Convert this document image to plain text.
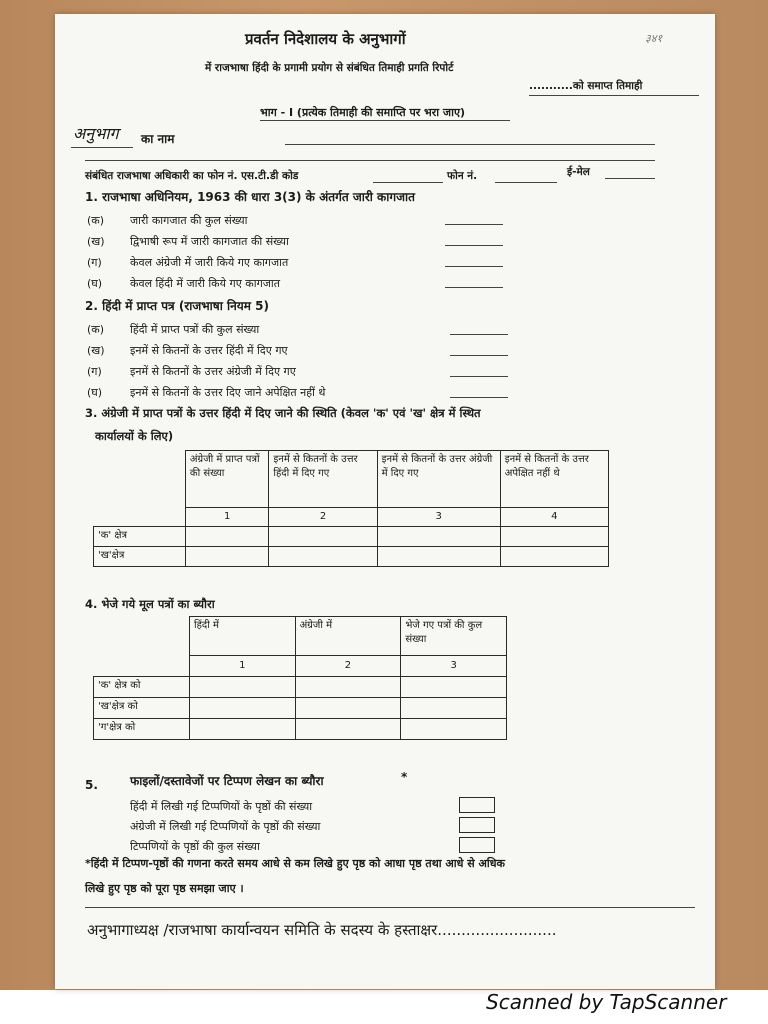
प्रवर्तन निदेशालय के अनुभागों	३४१
में राजभाषा हिंदी के प्रगामी प्रयोग से संबंधित तिमाही प्रगति रिपोर्ट
...........को समाप्त तिमाही
भाग - I (प्रत्येक तिमाही की समाप्ति पर भरा जाए)
अनुभाग का नाम
संबंधित राजभाषा अधिकारी का फोन नं. एस.टी.डी कोड	फोन नं.	ई-मेल
1. राजभाषा अधिनियम, 1963 की धारा 3(3) के अंतर्गत जारी कागजात
(क) जारी कागजात की कुल संख्या
(ख) द्विभाषी रूप में जारी कागजात की संख्या
(ग)	केवल अंग्रेजी में जारी किये गए कागजात
(घ)	केवल हिंदी में जारी किये गए कागजात
2. हिंदी में प्राप्त पत्र (राजभाषा नियम 5)
(क) हिंदी में प्राप्त पत्रों की कुल संख्या
(ख) इनमें से कितनों के उत्तर हिंदी में दिए गए
(ग)	इनमें से कितनों के उत्तर अंग्रेजी में दिए गए
(घ)	इनमें से कितनों के उत्तर दिए जाने अपेक्षित नहीं थे
3. अंग्रेजी में प्राप्त पत्रों के उत्तर हिंदी में दिए जाने की स्थिति (केवल 'क' एवं 'ख' क्षेत्र में स्थित
कार्यालयों के लिए)
	अंग्रेजी में प्राप्त पत्रों की संख्या	इनमें से कितनों के उत्तर हिंदी में दिए गए	इनमें से कितनों के उत्तर अंग्रेजी में दिए गए	इनमें से कितनों के उत्तर अपेक्षित नहीं थे
	1	2	3	4
'क' क्षेत्र				
'ख'क्षेत्र				
4. भेजे गये मूल पत्रों का ब्यौरा
	हिंदी में	अंग्रेजी में	भेजे गए पत्रों की कुल संख्या
	1	2	3
'क' क्षेत्र को			
'ख'क्षेत्र को			
'ग'क्षेत्र को			
5.	फाइलों/दस्तावेजों पर टिप्पण लेखन का ब्यौरा	*
हिंदी में लिखी गई टिप्पणियों के पृष्ठों की संख्या
अंग्रेजी में लिखी गई टिप्पणियों के पृष्ठों की संख्या
टिप्पणियों के पृष्ठों की कुल संख्या
*हिंदी में टिप्पण-पृष्ठों की गणना करते समय आधे से कम लिखे हुए पृष्ठ को आधा पृष्ठ तथा आधे से अधिक
लिखे हुए पृष्ठ को पूरा पृष्ठ समझा जाए ।
अनुभागाध्यक्ष /राजभाषा कार्यान्वयन समिति के सदस्य के हस्ताक्षर.........................
Scanned by TapScanner
